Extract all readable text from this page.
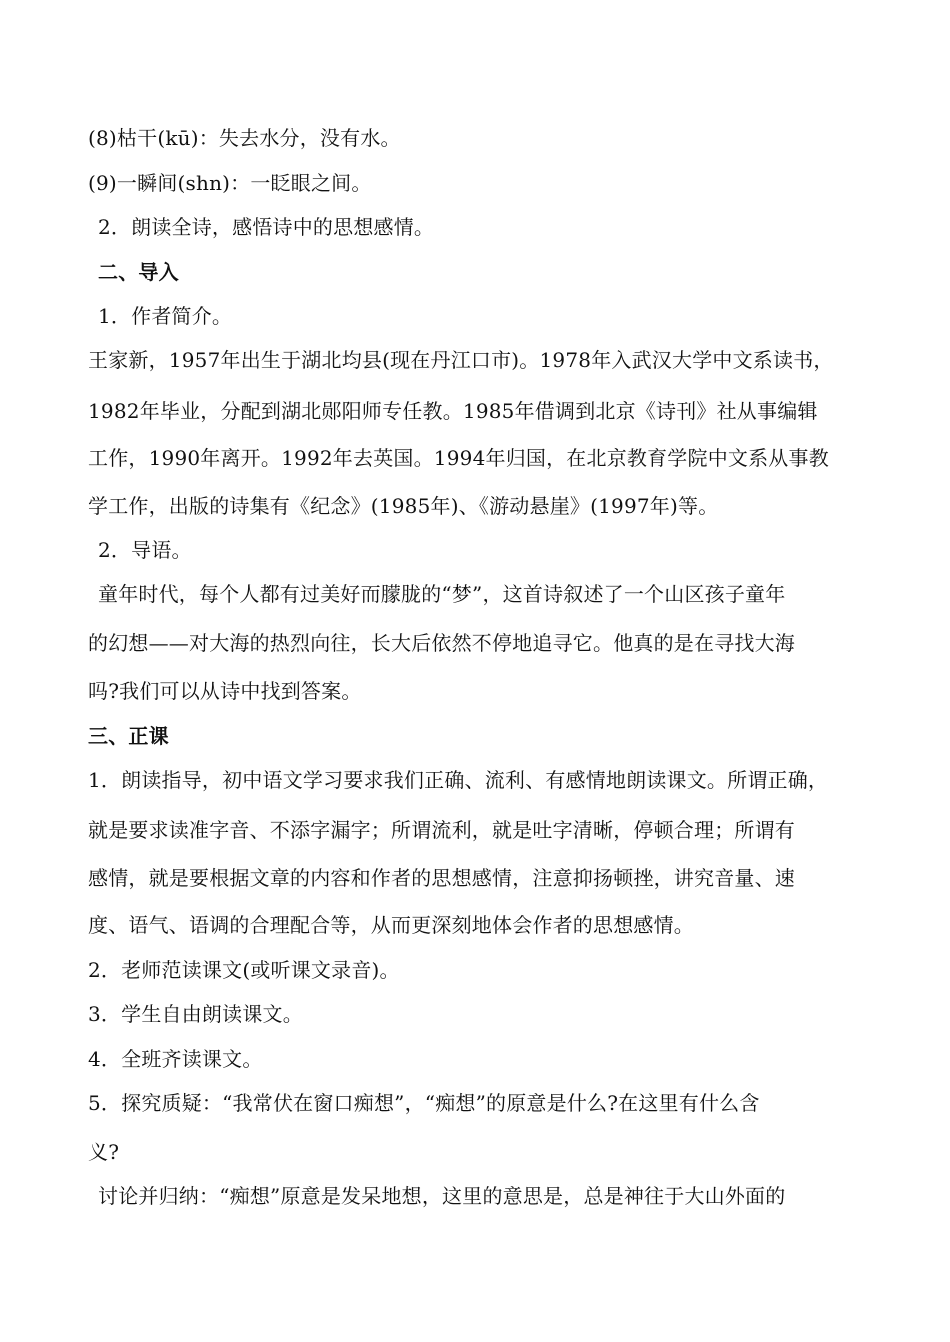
(8)枯干(kū)：失去水分，没有水。
(9)一瞬间(shn)：一眨眼之间。
2．朗读全诗，感悟诗中的思想感情。
二、导入
1．作者简介。
王家新，1957年出生于湖北均县(现在丹江口市)。1978年入武汉大学中文系读书，
1982年毕业，分配到湖北郧阳师专任教。1985年借调到北京《诗刊》社从事编辑
工作，1990年离开。1992年去英国。1994年归国，在北京教育学院中文系从事教
学工作，出版的诗集有《纪念》(1985年)、《游动悬崖》(1997年)等。
2．导语。
童年时代，每个人都有过美好而朦胧的“梦”，这首诗叙述了一个山区孩子童年
的幻想——对大海的热烈向往，长大后依然不停地追寻它。他真的是在寻找大海
吗?我们可以从诗中找到答案。
三、正课
1．朗读指导，初中语文学习要求我们正确、流利、有感情地朗读课文。所谓正确，
就是要求读准字音、不添字漏字；所谓流利，就是吐字清晰，停顿合理；所谓有
感情，就是要根据文章的内容和作者的思想感情，注意抑扬顿挫，讲究音量、速
度、语气、语调的合理配合等，从而更深刻地体会作者的思想感情。
2．老师范读课文(或听课文录音)。
3．学生自由朗读课文。
4．全班齐读课文。
5．探究质疑：“我常伏在窗口痴想”，“痴想”的原意是什么?在这里有什么含
义?
讨论并归纳：“痴想”原意是发呆地想，这里的意思是，总是神往于大山外面的
